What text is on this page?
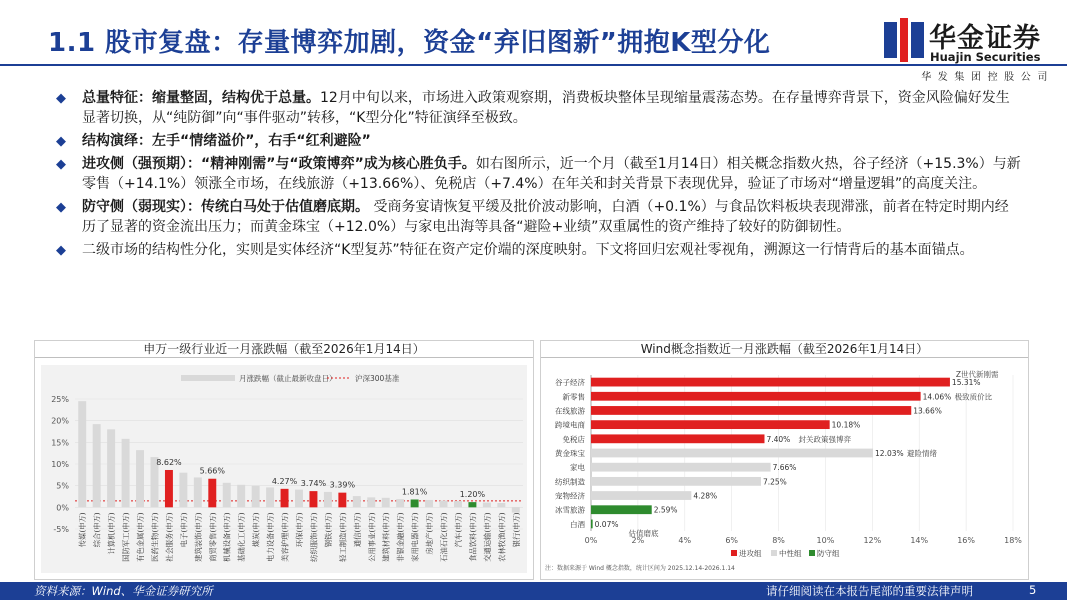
1.1 股市复盘：存量博弈加剧，资金“弃旧图新”拥抱K型分化	华金证券
Huajin Securities
华发集团控股公司
◆ 总量特征：缩量整固，结构优于总量。12月中旬以来，市场进入政策观察期，消费板块整体呈现缩量震荡态势。在存量博弈背景下，资金风险偏好发生显著切换，从“纯防御”向“事件驱动”转移，“K型分化”特征演绎至极致。
◆ 结构演绎：左手“情绪溢价”，右手“红利避险”
◆ 进攻侧（强预期）：“精神刚需”与“政策博弈”成为核心胜负手。如右图所示，近一个月（截至1月14日）相关概念指数火热，谷子经济（+15.3%）与新零售（+14.1%）领涨全市场，在线旅游（+13.66%）、免税店（+7.4%）在年关和封关背景下表现优异，验证了市场对“增量逻辑”的高度关注。
◆ 防守侧（弱现实）：传统白马处于估值磨底期。 受商务宴请恢复平缓及批价波动影响，白酒（+0.1%）与食品饮料板块表现滞涨，前者在特定时期内经历了显著的资金流出压力；而黄金珠宝（+12.0%）与家电出海等具备“避险+业绩”双重属性的资产维持了较好的防御韧性。
◆ 二级市场的结构性分化，实则是实体经济“K型复苏”特征在资产定价端的深度映射。下文将回归宏观社零视角，溯源这一行情背后的基本面锚点。
申万一级行业近一月涨跌幅（截至2026年1月14日）
月涨跌幅（截止最新收盘日） 沪深300基准
-5%
0%
5%
10%
15%
20%
25%
传媒(申万) 综合(申万) 计算机(申万) 国防军工(申万) 有色金属(申万) 医药生物(申万)
8.62%
社会服务(申万) 电子(申万) 建筑装饰(申万)
5.66%
商贸零售(申万) 机械设备(申万) 基础化工(申万) 煤炭(申万) 电力设备(申万)
4.27%
美容护理(申万) 环保(申万)
3.74%
纺织服饰(申万) 钢铁(申万)
3.39%
轻工制造(申万) 通信(申万) 公用事业(申万) 建筑材料(申万) 非银金融(申万)
1.81%
家用电器(申万) 房地产(申万) 石油石化(申万) 汽车(申万)
1.20%
食品饮料(申万) 交通运输(申万) 农林牧渔(申万) 银行(申万)
Wind概念指数近一月涨跌幅（截至2026年1月14日）
0%	2%	4%	6%	8%	10%	12%	14%	16%	18%
谷子经济	15.31%
新零售	14.06%
在线旅游	13.66%
跨境电商	10.18%
免税店	7.40%
黄金珠宝	12.03%
家电	7.66%
纺织制造	7.25%
宠物经济	4.28%
冰雪旅游	2.59%
白酒 0.07%
Z世代新刚需
极致质价比
封关政策强博弈
避险情绪
估值磨底
进攻组 中性组 防守组
注：数据来源于 Wind 概念指数，统计区间为 2025.12.14-2026.1.14
资料来源：Wind、华金证券研究所	请仔细阅读在本报告尾部的重要法律声明	5
